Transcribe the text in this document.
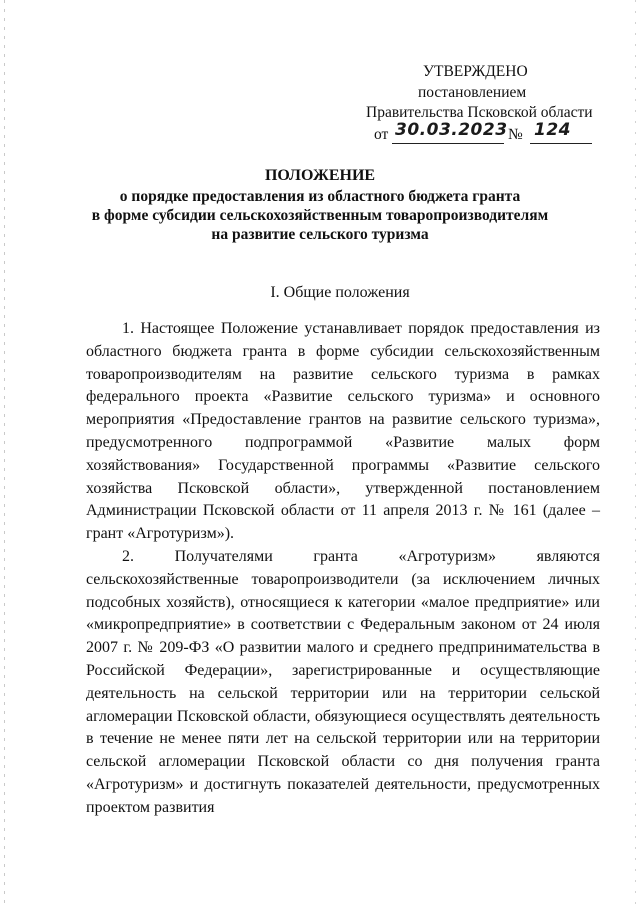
УТВЕРЖДЕНО
постановлением
Правительства Псковской области
от 30.03.2023 № 124
ПОЛОЖЕНИЕ
о порядке предоставления из областного бюджета гранта
в форме субсидии сельскохозяйственным товаропроизводителям
на развитие сельского туризма
I. Общие положения

1. Настоящее Положение устанавливает порядок предоставления из областного бюджета гранта в форме субсидии сельскохозяйственным товаропроизводителям на развитие сельского туризма в рамках федерального проекта «Развитие сельского туризма» и основного мероприятия «Предоставление грантов на развитие сельского туризма», предусмотренного подпрограммой «Развитие малых форм хозяйствования» Государственной программы «Развитие сельского хозяйства Псковской области», утвержденной постановлением Администрации Псковской области от 11 апреля 2013 г. № 161 (далее – грант «Агротуризм»).

2. Получателями гранта «Агротуризм» являются сельскохозяйственные товаропроизводители (за исключением личных подсобных хозяйств), относящиеся к категории «малое предприятие» или «микропредприятие» в соответствии с Федеральным законом от 24 июля 2007 г. № 209-ФЗ «О развитии малого и среднего предпринимательства в Российской Федерации», зарегистрированные и осуществляющие деятельность на сельской территории или на территории сельской агломерации Псковской области, обязующиеся осуществлять деятельность в течение не менее пяти лет на сельской территории или на территории сельской агломерации Псковской области со дня получения гранта «Агротуризм» и достигнуть показателей деятельности, предусмотренных проектом развития
